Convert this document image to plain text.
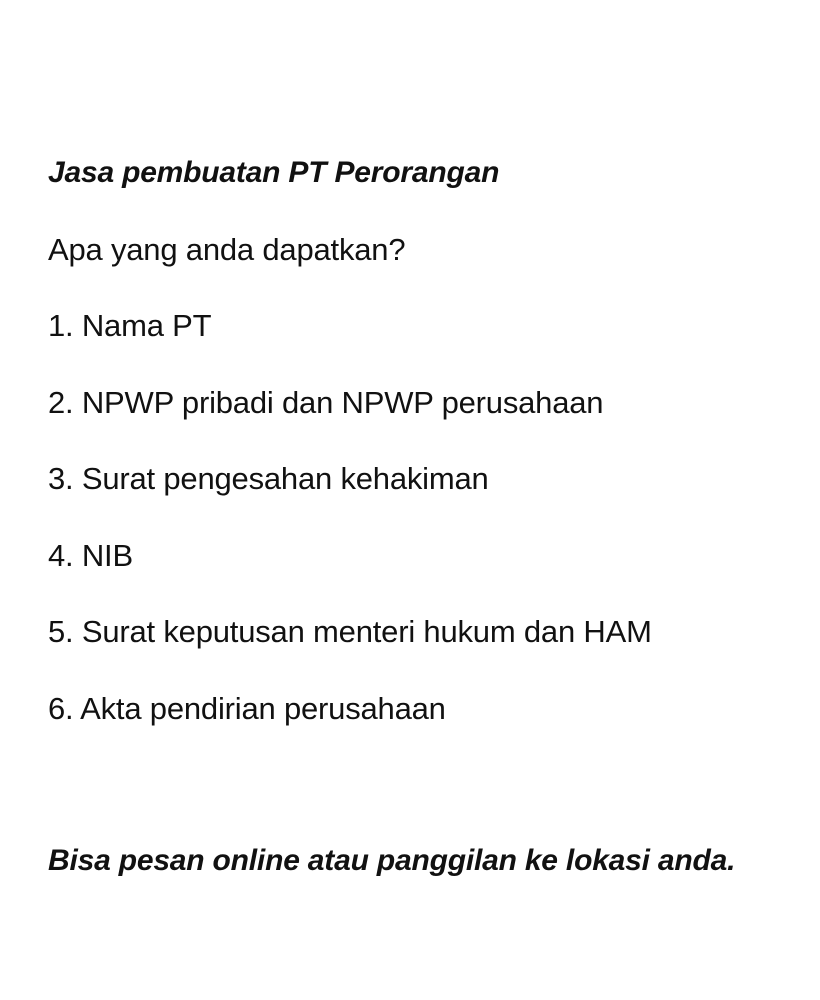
Jasa pembuatan PT Perorangan
Apa yang anda dapatkan?
1. Nama PT
2. NPWP pribadi dan NPWP perusahaan
3. Surat pengesahan kehakiman
4. NIB
5. Surat keputusan menteri hukum dan HAM
6. Akta pendirian perusahaan
Bisa pesan online atau panggilan ke lokasi anda.
